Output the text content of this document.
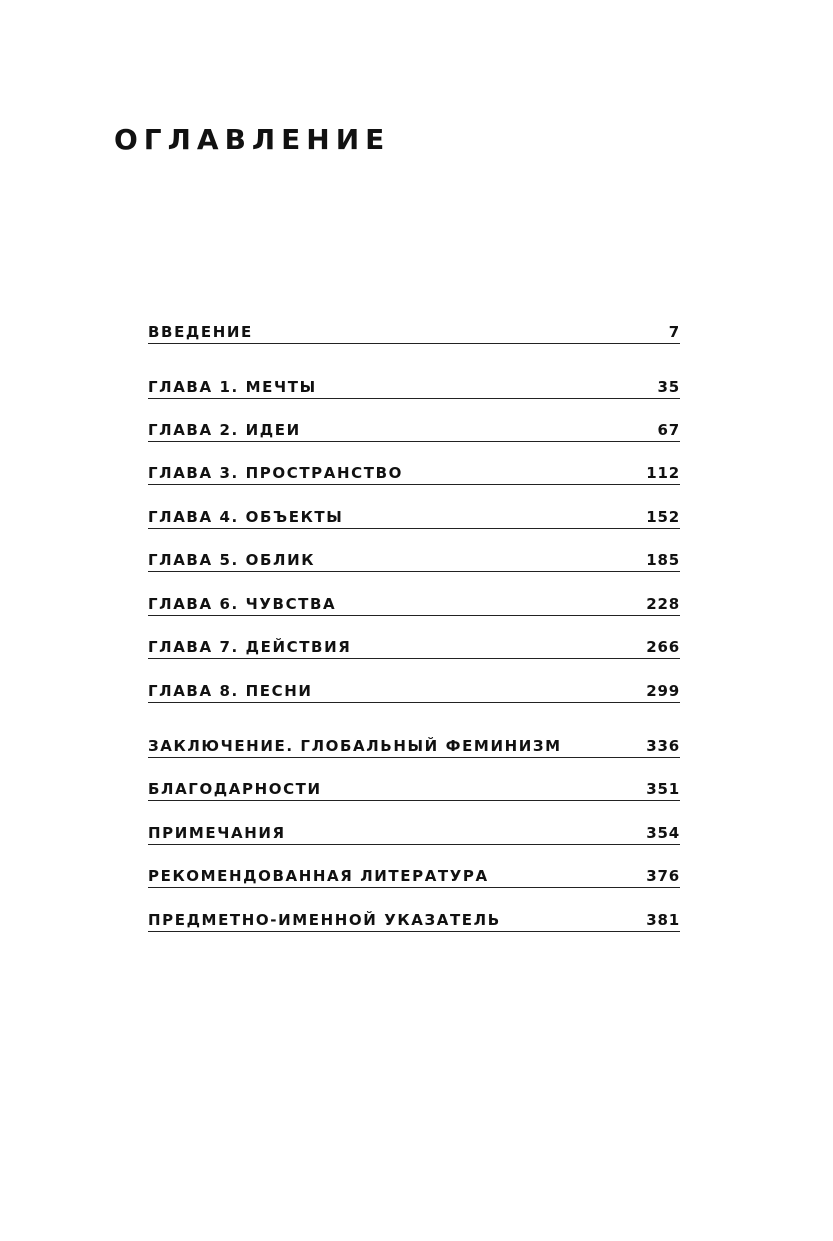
ОГЛАВЛЕНИЕ
ВВЕДЕНИЕ	7
ГЛАВА 1. МЕЧТЫ	35
ГЛАВА 2. ИДЕИ	67
ГЛАВА 3. ПРОСТРАНСТВО	112
ГЛАВА 4. ОБЪЕКТЫ	152
ГЛАВА 5. ОБЛИК	185
ГЛАВА 6. ЧУВСТВА	228
ГЛАВА 7. ДЕЙСТВИЯ	266
ГЛАВА 8. ПЕСНИ	299
ЗАКЛЮЧЕНИЕ. ГЛОБАЛЬНЫЙ ФЕМИНИЗМ	336
БЛАГОДАРНОСТИ	351
ПРИМЕЧАНИЯ	354
РЕКОМЕНДОВАННАЯ ЛИТЕРАТУРА	376
ПРЕДМЕТНО-ИМЕННОЙ УКАЗАТЕЛЬ	381
